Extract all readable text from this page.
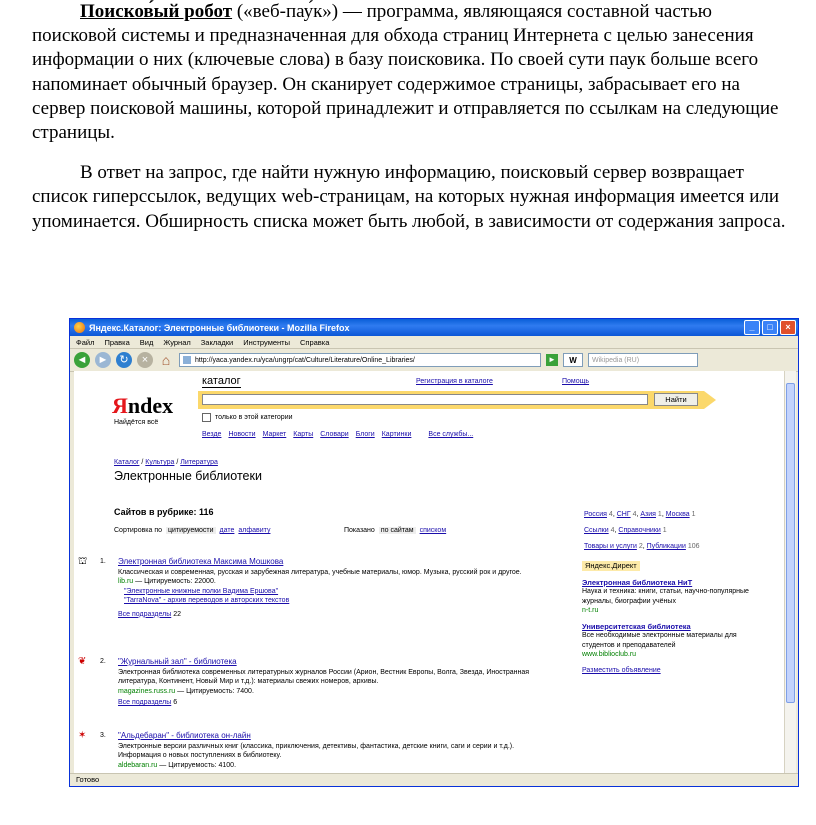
Поисков́ый робот («веб-пау́к») — программа, являющаяся составной частью поисковой системы и предназначенная для обхода страниц Интернета с целью занесения информации о них (ключевые слова) в базу поисковика. По своей сути паук больше всего напоминает обычный браузер. Он сканирует содержимое страницы, забрасывает его на сервер поисковой машины, которой принадлежит и отправляется по ссылкам на следующие страницы.

В ответ на запрос, где найти нужную информацию, поисковый сервер возвращает список гиперссылок, ведущих web-страницам, на которых нужная информация имеется или упоминается. Обширность списка может быть любой, в зависимости от содержания запроса.

Яндекс.Каталог: Электронные библиотеки - Mozilla Firefox	_	□	×
Файл Правка Вид Журнал Закладки Инструменты Справка
◄ ► ↻	× ⌂	http://yaca.yandex.ru/yca/ungrp/cat/Culture/Literature/Online_Libraries/	►	W	Wikipedia (RU)
Яndex
Найдётся всё
каталог	Регистрация в каталоге	Помощь
Найти
только в этой категории
Везде Новости Маркет Карты Словари Блоги Картинки Все службы...
Каталог / Культура / Литература
Электронные библиотеки
Сайтов в рубрике: 116
Сортировка по цитируемости дате алфавиту	Показано по сайтам списком
Россия 4, СНГ 4, Азия 1, Москва 1
Ссылки 4, Справочники 1
Товары и услуги 2, Публикации 106
⛫ 1. Электронная библиотека Максима Мошкова
Классическая и современная, русская и зарубежная литература, учебные материалы, юмор. Музыка, русский рок и другое.
lib.ru — Цитируемость: 22000.
"Электронные книжные полки Вадима Ершова"
"TarraNova" - архив переводов и авторских текстов
Все подразделы 22
❦ 2. "Журнальный зал" - библиотека
Электронная библиотека современных литературных журналов России (Арион, Вестник Европы, Волга, Звезда, Иностранная литература, Континент, Новый Мир и т.д.): материалы свежих номеров, архивы.
magazines.russ.ru — Цитируемость: 7400.
Все подразделы 6
✶ 3. "Альдебаран" - библиотека он-лайн
Электронные версии различных книг (классика, приключения, детективы, фантастика, детские книги, саги и серии и т.д.). Информация о новых поступлениях в библиотеку.
aldebaran.ru — Цитируемость: 4100.
Яндекс.Директ
Электронная библиотека НиТ
Наука и техника: книги, статьи, научно-популярные журналы, биографии учёных
n-t.ru
Университетская библиотека
Все необходимые электронные материалы для студентов и преподавателей
www.biblioclub.ru
Разместить объявление
Готово
